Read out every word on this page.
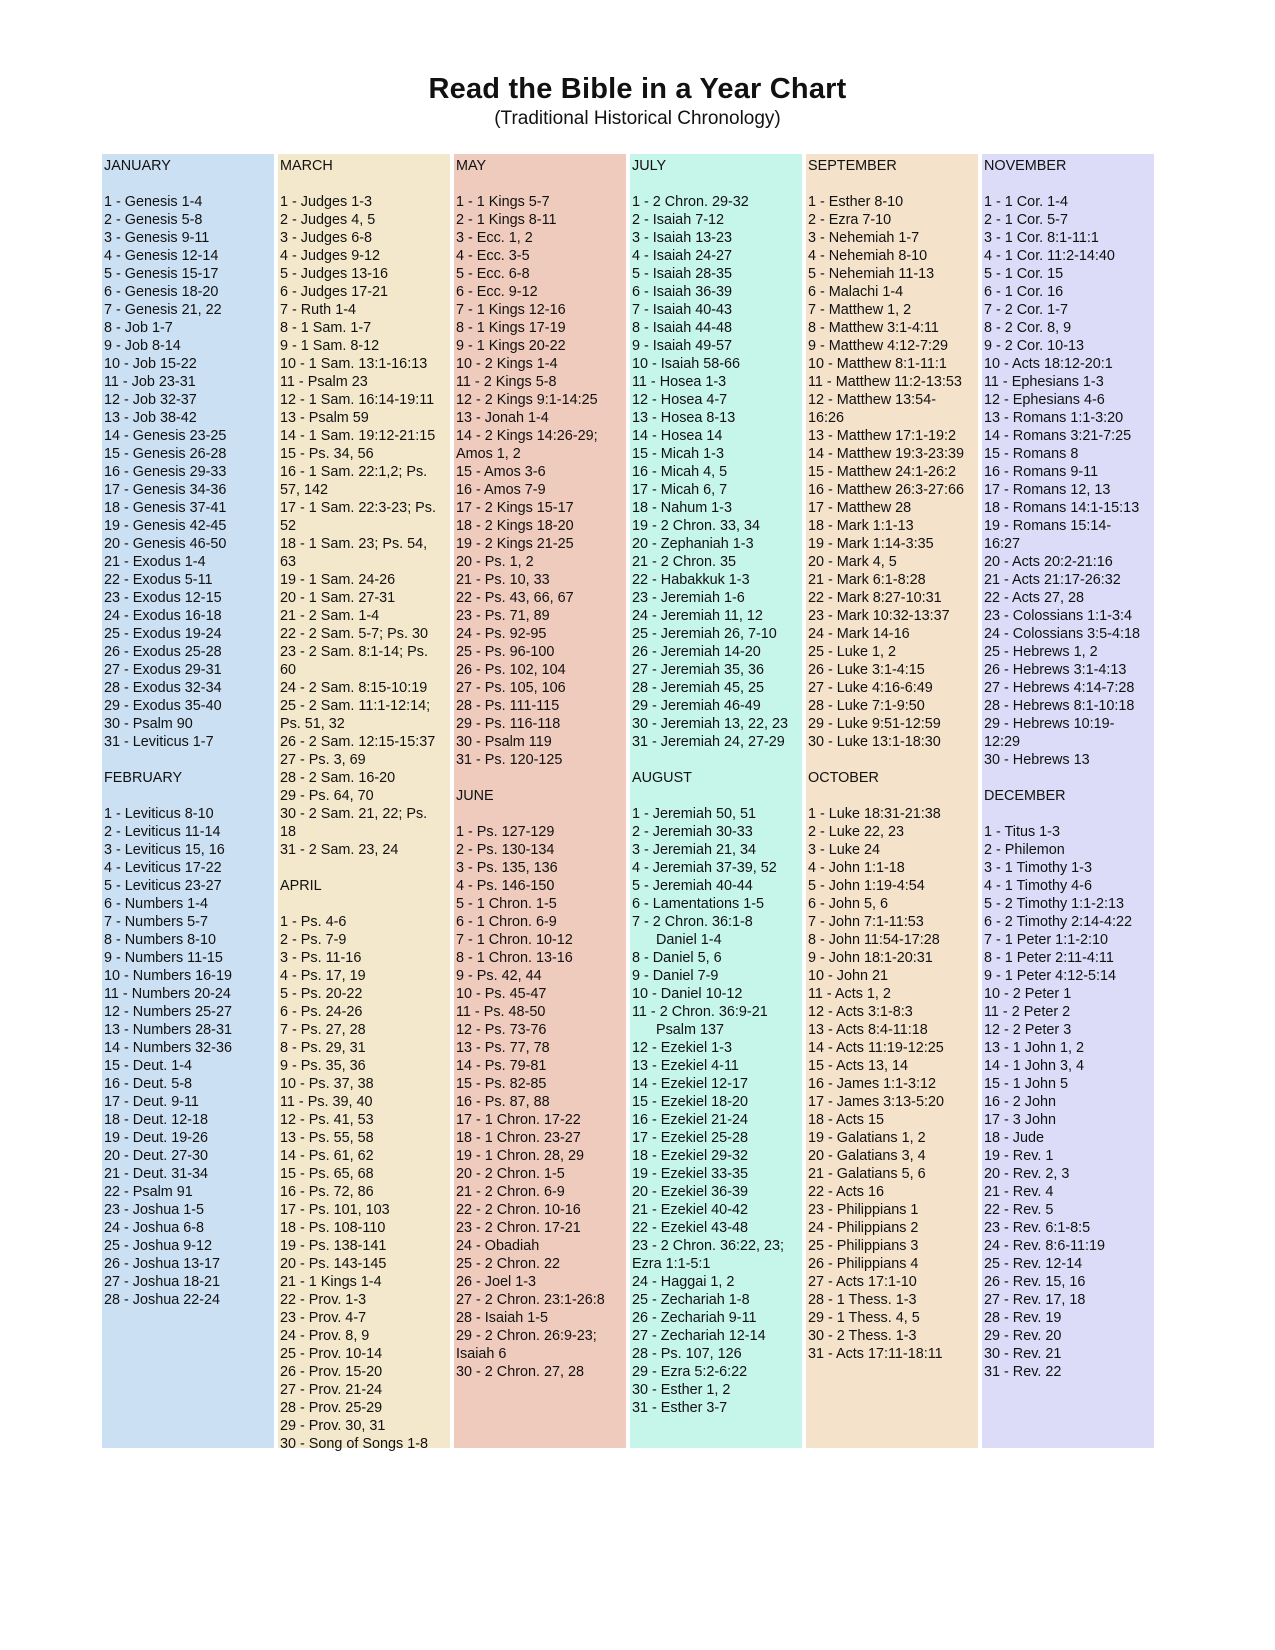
Read the Bible in a Year Chart
(Traditional Historical Chronology)
JANUARY
1 - Genesis 1-4
2 - Genesis 5-8
3 - Genesis 9-11
4 - Genesis 12-14
5 - Genesis 15-17
6 - Genesis 18-20
7 - Genesis 21, 22
8 - Job 1-7
9 - Job 8-14
10 - Job 15-22
11 - Job 23-31
12 - Job 32-37
13 - Job 38-42
14 - Genesis 23-25
15 - Genesis 26-28
16 - Genesis 29-33
17 - Genesis 34-36
18 - Genesis 37-41
19 - Genesis 42-45
20 - Genesis 46-50
21 - Exodus 1-4
22 - Exodus 5-11
23 - Exodus 12-15
24 - Exodus 16-18
25 - Exodus 19-24
26 - Exodus 25-28
27 - Exodus 29-31
28 - Exodus 32-34
29 - Exodus 35-40
30 - Psalm 90
31 - Leviticus 1-7
FEBRUARY
1 - Leviticus 8-10
2 - Leviticus 11-14
3 - Leviticus 15, 16
4 - Leviticus 17-22
5 - Leviticus 23-27
6 - Numbers 1-4
7 - Numbers 5-7
8 - Numbers 8-10
9 - Numbers 11-15
10 - Numbers 16-19
11 - Numbers 20-24
12 - Numbers 25-27
13 - Numbers 28-31
14 - Numbers 32-36
15 - Deut. 1-4
16 - Deut. 5-8
17 - Deut. 9-11
18 - Deut. 12-18
19 - Deut. 19-26
20 - Deut. 27-30
21 - Deut. 31-34
22 - Psalm 91
23 - Joshua 1-5
24 - Joshua 6-8
25 - Joshua 9-12
26 - Joshua 13-17
27 - Joshua 18-21
28 - Joshua 22-24
MARCH
1 - Judges 1-3
2 - Judges 4, 5
3 - Judges 6-8
4 - Judges 9-12
5 - Judges 13-16
6 - Judges 17-21
7 - Ruth 1-4
8 - 1 Sam. 1-7
9 - 1 Sam. 8-12
10 - 1 Sam. 13:1-16:13
11 - Psalm 23
12 - 1 Sam. 16:14-19:11
13 - Psalm 59
14 - 1 Sam. 19:12-21:15
15 - Ps. 34, 56
16 - 1 Sam. 22:1,2; Ps.
57, 142
17 - 1 Sam. 22:3-23; Ps.
52
18 - 1 Sam. 23; Ps. 54,
63
19 - 1 Sam. 24-26
20 - 1 Sam. 27-31
21 - 2 Sam. 1-4
22 - 2 Sam. 5-7; Ps. 30
23 - 2 Sam. 8:1-14; Ps.
60
24 - 2 Sam. 8:15-10:19
25 - 2 Sam. 11:1-12:14;
Ps. 51, 32
26 - 2 Sam. 12:15-15:37
27 - Ps. 3, 69
28 - 2 Sam. 16-20
29 - Ps. 64, 70
30 - 2 Sam. 21, 22; Ps.
18
31 - 2 Sam. 23, 24
APRIL
1 - Ps. 4-6
2 - Ps. 7-9
3 - Ps. 11-16
4 - Ps. 17, 19
5 - Ps. 20-22
6 - Ps. 24-26
7 - Ps. 27, 28
8 - Ps. 29, 31
9 - Ps. 35, 36
10 - Ps. 37, 38
11 - Ps. 39, 40
12 - Ps. 41, 53
13 - Ps. 55, 58
14 - Ps. 61, 62
15 - Ps. 65, 68
16 - Ps. 72, 86
17 - Ps. 101, 103
18 - Ps. 108-110
19 - Ps. 138-141
20 - Ps. 143-145
21 - 1 Kings 1-4
22 - Prov. 1-3
23 - Prov. 4-7
24 - Prov. 8, 9
25 - Prov. 10-14
26 - Prov. 15-20
27 - Prov. 21-24
28 - Prov. 25-29
29 - Prov. 30, 31
30 - Song of Songs 1-8
MAY
1 - 1 Kings 5-7
2 - 1 Kings 8-11
3 - Ecc. 1, 2
4 - Ecc. 3-5
5 - Ecc. 6-8
6 - Ecc. 9-12
7 - 1 Kings 12-16
8 - 1 Kings 17-19
9 - 1 Kings 20-22
10 - 2 Kings 1-4
11 - 2 Kings 5-8
12 - 2 Kings 9:1-14:25
13 - Jonah 1-4
14 - 2 Kings 14:26-29;
Amos 1, 2
15 - Amos 3-6
16 - Amos 7-9
17 - 2 Kings 15-17
18 - 2 Kings 18-20
19 - 2 Kings 21-25
20 - Ps. 1, 2
21 - Ps. 10, 33
22 - Ps. 43, 66, 67
23 - Ps. 71, 89
24 - Ps. 92-95
25 - Ps. 96-100
26 - Ps. 102, 104
27 - Ps. 105, 106
28 - Ps. 111-115
29 - Ps. 116-118
30 - Psalm 119
31 - Ps. 120-125
JUNE
1 - Ps. 127-129
2 - Ps. 130-134
3 - Ps. 135, 136
4 - Ps. 146-150
5 - 1 Chron. 1-5
6 - 1 Chron. 6-9
7 - 1 Chron. 10-12
8 - 1 Chron. 13-16
9 - Ps. 42, 44
10 - Ps. 45-47
11 - Ps. 48-50
12 - Ps. 73-76
13 - Ps. 77, 78
14 - Ps. 79-81
15 - Ps. 82-85
16 - Ps. 87, 88
17 - 1 Chron. 17-22
18 - 1 Chron. 23-27
19 - 1 Chron. 28, 29
20 - 2 Chron. 1-5
21 - 2 Chron. 6-9
22 - 2 Chron. 10-16
23 - 2 Chron. 17-21
24 - Obadiah
25 - 2 Chron. 22
26 - Joel 1-3
27 - 2 Chron. 23:1-26:8
28 - Isaiah 1-5
29 - 2 Chron. 26:9-23;
Isaiah 6
30 - 2 Chron. 27, 28
JULY
1 - 2 Chron. 29-32
2 - Isaiah 7-12
3 - Isaiah 13-23
4 - Isaiah 24-27
5 - Isaiah 28-35
6 - Isaiah 36-39
7 - Isaiah 40-43
8 - Isaiah 44-48
9 - Isaiah 49-57
10 - Isaiah 58-66
11 - Hosea 1-3
12 - Hosea 4-7
13 - Hosea 8-13
14 - Hosea 14
15 - Micah 1-3
16 - Micah 4, 5
17 - Micah 6, 7
18 - Nahum 1-3
19 - 2 Chron. 33, 34
20 - Zephaniah 1-3
21 - 2 Chron. 35
22 - Habakkuk 1-3
23 - Jeremiah 1-6
24 - Jeremiah 11, 12
25 - Jeremiah 26, 7-10
26 - Jeremiah 14-20
27 - Jeremiah 35, 36
28 - Jeremiah 45, 25
29 - Jeremiah 46-49
30 - Jeremiah 13, 22, 23
31 - Jeremiah 24, 27-29
AUGUST
1 - Jeremiah 50, 51
2 - Jeremiah 30-33
3 - Jeremiah 21, 34
4 - Jeremiah 37-39, 52
5 - Jeremiah 40-44
6 - Lamentations 1-5
7 - 2 Chron. 36:1-8
Daniel 1-4
8 - Daniel 5, 6
9 - Daniel 7-9
10 - Daniel 10-12
11 - 2 Chron. 36:9-21
Psalm 137
12 - Ezekiel 1-3
13 - Ezekiel 4-11
14 - Ezekiel 12-17
15 - Ezekiel 18-20
16 - Ezekiel 21-24
17 - Ezekiel 25-28
18 - Ezekiel 29-32
19 - Ezekiel 33-35
20 - Ezekiel 36-39
21 - Ezekiel 40-42
22 - Ezekiel 43-48
23 - 2 Chron. 36:22, 23;
Ezra 1:1-5:1
24 - Haggai 1, 2
25 - Zechariah 1-8
26 - Zechariah 9-11
27 - Zechariah 12-14
28 - Ps. 107, 126
29 - Ezra 5:2-6:22
30 - Esther 1, 2
31 - Esther 3-7
SEPTEMBER
1 - Esther 8-10
2 - Ezra 7-10
3 - Nehemiah 1-7
4 - Nehemiah 8-10
5 - Nehemiah 11-13
6 - Malachi 1-4
7 - Matthew 1, 2
8 - Matthew 3:1-4:11
9 - Matthew 4:12-7:29
10 - Matthew 8:1-11:1
11 - Matthew 11:2-13:53
12 - Matthew 13:54-
16:26
13 - Matthew 17:1-19:2
14 - Matthew 19:3-23:39
15 - Matthew 24:1-26:2
16 - Matthew 26:3-27:66
17 - Matthew 28
18 - Mark 1:1-13
19 - Mark 1:14-3:35
20 - Mark 4, 5
21 - Mark 6:1-8:28
22 - Mark 8:27-10:31
23 - Mark 10:32-13:37
24 - Mark 14-16
25 - Luke 1, 2
26 - Luke 3:1-4:15
27 - Luke 4:16-6:49
28 - Luke 7:1-9:50
29 - Luke 9:51-12:59
30 - Luke 13:1-18:30
OCTOBER
1 - Luke 18:31-21:38
2 - Luke 22, 23
3 - Luke 24
4 - John 1:1-18
5 - John 1:19-4:54
6 - John 5, 6
7 - John 7:1-11:53
8 - John 11:54-17:28
9 - John 18:1-20:31
10 - John 21
11 - Acts 1, 2
12 - Acts 3:1-8:3
13 - Acts 8:4-11:18
14 - Acts 11:19-12:25
15 - Acts 13, 14
16 - James 1:1-3:12
17 - James 3:13-5:20
18 - Acts 15
19 - Galatians 1, 2
20 - Galatians 3, 4
21 - Galatians 5, 6
22 - Acts 16
23 - Philippians 1
24 - Philippians 2
25 - Philippians 3
26 - Philippians 4
27 - Acts 17:1-10
28 - 1 Thess. 1-3
29 - 1 Thess. 4, 5
30 - 2 Thess. 1-3
31 - Acts 17:11-18:11
NOVEMBER
1 - 1 Cor. 1-4
2 - 1 Cor. 5-7
3 - 1 Cor. 8:1-11:1
4 - 1 Cor. 11:2-14:40
5 - 1 Cor. 15
6 - 1 Cor. 16
7 - 2 Cor. 1-7
8 - 2 Cor. 8, 9
9 - 2 Cor. 10-13
10 - Acts 18:12-20:1
11 - Ephesians 1-3
12 - Ephesians 4-6
13 - Romans 1:1-3:20
14 - Romans 3:21-7:25
15 - Romans 8
16 - Romans 9-11
17 - Romans 12, 13
18 - Romans 14:1-15:13
19 - Romans 15:14-
16:27
20 - Acts 20:2-21:16
21 - Acts 21:17-26:32
22 - Acts 27, 28
23 - Colossians 1:1-3:4
24 - Colossians 3:5-4:18
25 - Hebrews 1, 2
26 - Hebrews 3:1-4:13
27 - Hebrews 4:14-7:28
28 - Hebrews 8:1-10:18
29 - Hebrews 10:19-
12:29
30 - Hebrews 13
DECEMBER
1 - Titus 1-3
2 - Philemon
3 - 1 Timothy 1-3
4 - 1 Timothy 4-6
5 - 2 Timothy 1:1-2:13
6 - 2 Timothy 2:14-4:22
7 - 1 Peter 1:1-2:10
8 - 1 Peter 2:11-4:11
9 - 1 Peter 4:12-5:14
10 - 2 Peter 1
11 - 2 Peter 2
12 - 2 Peter 3
13 - 1 John 1, 2
14 - 1 John 3, 4
15 - 1 John 5
16 - 2 John
17 - 3 John
18 - Jude
19 - Rev. 1
20 - Rev. 2, 3
21 - Rev. 4
22 - Rev. 5
23 - Rev. 6:1-8:5
24 - Rev. 8:6-11:19
25 - Rev. 12-14
26 - Rev. 15, 16
27 - Rev. 17, 18
28 - Rev. 19
29 - Rev. 20
30 - Rev. 21
31 - Rev. 22
